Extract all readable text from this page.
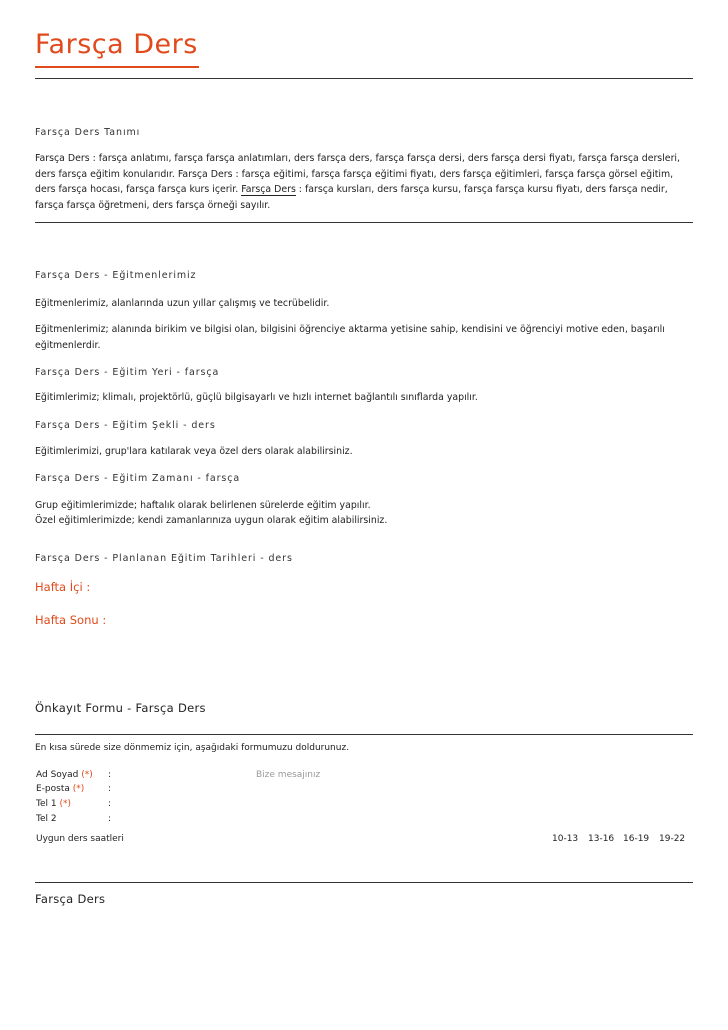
Farsça Ders
Farsça Ders Tanımı
Farsça Ders : farsça anlatımı, farsça farsça anlatımları, ders farsça ders, farsça farsça dersi, ders farsça dersi fiyatı, farsça farsça dersleri, ders farsça eğitim konularıdır. Farsça Ders : farsça eğitimi, farsça farsça eğitimi fiyatı, ders farsça eğitimleri, farsça farsça görsel eğitim, ders farsça hocası, farsça farsça kurs içerir. Farsça Ders : farsça kursları, ders farsça kursu, farsça farsça kursu fiyatı, ders farsça nedir, farsça farsça öğretmeni, ders farsça örneği sayılır.
Farsça Ders - Eğitmenlerimiz
Eğitmenlerimiz, alanlarında uzun yıllar çalışmış ve tecrübelidir.
Eğitmenlerimiz; alanında birikim ve bilgisi olan, bilgisini öğrenciye aktarma yetisine sahip, kendisini ve öğrenciyi motive eden, başarılı eğitmenlerdir.
Farsça Ders - Eğitim Yeri - farsça
Eğitimlerimiz; klimalı, projektörlü, güçlü bilgisayarlı ve hızlı internet bağlantılı sınıflarda yapılır.
Farsça Ders - Eğitim Şekli - ders
Eğitimlerimizi, grup'lara katılarak veya özel ders olarak alabilirsiniz.
Farsça Ders - Eğitim Zamanı - farsça
Grup eğitimlerimizde; haftalık olarak belirlenen sürelerde eğitim yapılır.
Özel eğitimlerimizde; kendi zamanlarınıza uygun olarak eğitim alabilirsiniz.
Farsça Ders - Planlanan Eğitim Tarihleri - ders
Hafta İçi :
Hafta Sonu :
Önkayıt Formu - Farsça Ders
En kısa sürede size dönmemiz için, aşağıdaki formumuzu doldurunuz.
Ad Soyad (*) :
E-posta (*)	:
Tel 1 (*)	:
Tel 2	:
Bize mesajınız
Uygun ders saatleri	10-13 13-16 16-19 19-22
Farsça Ders
